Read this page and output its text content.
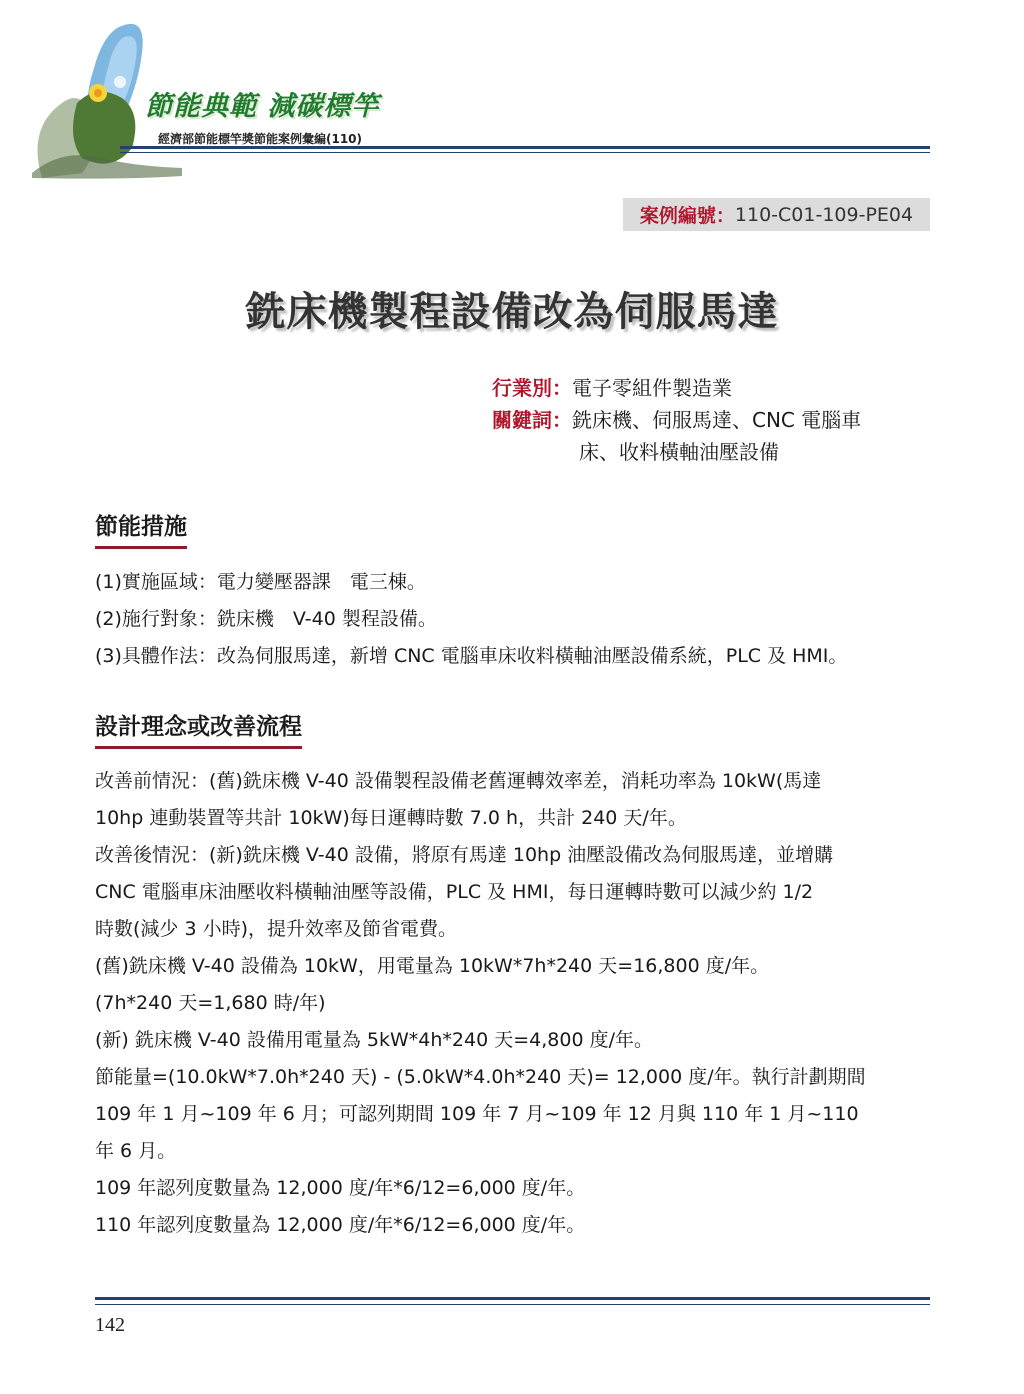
節能典範 減碳標竿
經濟部節能標竿獎節能案例彙編(110)
案例編號： 110-C01-109-PE04
銑床機製程設備改為伺服馬達
行業別：電子零組件製造業
關鍵詞：銑床機、伺服馬達、CNC 電腦車
床、收料橫軸油壓設備
節能措施

(1)實施區域：電力變壓器課　電三棟。

(2)施行對象：銑床機　V-40 製程設備。

(3)具體作法：改為伺服馬達，新增 CNC 電腦車床收料橫軸油壓設備系統，PLC 及 HMI。

設計理念或改善流程

改善前情況：(舊)銑床機 V-40 設備製程設備老舊運轉效率差，消耗功率為 10kW(馬達

10hp 連動裝置等共計 10kW)每日運轉時數 7.0 h，共計 240 天/年。

改善後情況：(新)銑床機 V-40 設備，將原有馬達 10hp 油壓設備改為伺服馬達，並增購

CNC 電腦車床油壓收料橫軸油壓等設備，PLC 及 HMI，每日運轉時數可以減少約 1/2

時數(減少 3 小時)，提升效率及節省電費。

(舊)銑床機 V-40 設備為 10kW，用電量為 10kW*7h*240 天=16,800 度/年。

(7h*240 天=1,680 時/年)

(新) 銑床機 V-40 設備用電量為 5kW*4h*240 天=4,800 度/年。

節能量=(10.0kW*7.0h*240 天) - (5.0kW*4.0h*240 天)= 12,000 度/年。執行計劃期間

109 年 1 月~109 年 6 月；可認列期間 109 年 7 月~109 年 12 月與 110 年 1 月~110

年 6 月。

109 年認列度數量為 12,000 度/年*6/12=6,000 度/年。

110 年認列度數量為 12,000 度/年*6/12=6,000 度/年。

142
